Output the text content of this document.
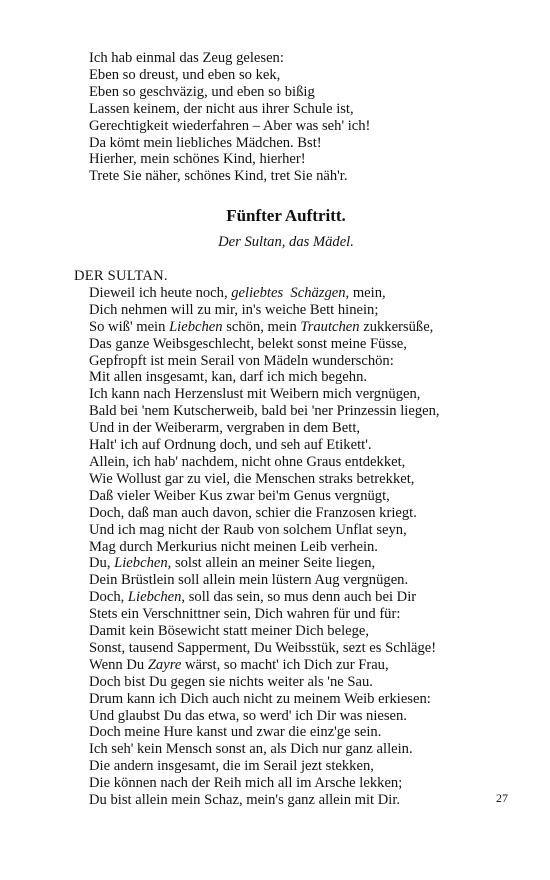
Ich hab einmal das Zeug gelesen:
Eben so dreust, und eben so kek,
Eben so geschväzig, und eben so bißig
Lassen keinem, der nicht aus ihrer Schule ist,
Gerechtigkeit wiederfahren – Aber was seh' ich!
Da kömt mein liebliches Mädchen. Bst!
Hierher, mein schönes Kind, hierher!
Trete Sie näher, schönes Kind, tret Sie näh'r.
Fünfter Auftritt.
Der Sultan, das Mädel.
DER SULTAN.
Dieweil ich heute noch, geliebtes  Schäzgen, mein,
Dich nehmen will zu mir, in's weiche Bett hinein;
So wiß' mein Liebchen schön, mein Trautchen zukkersüße,
Das ganze Weibsgeschlecht, belekt sonst meine Füsse,
Gepfropft ist mein Serail von Mädeln wunderschön:
Mit allen insgesamt, kan, darf ich mich begehn.
Ich kann nach Herzenslust mit Weibern mich vergnügen,
Bald bei 'nem Kutscherweib, bald bei 'ner Prinzessin liegen,
Und in der Weiberarm, vergraben in dem Bett,
Halt' ich auf Ordnung doch, und seh auf Etikett'.
Allein, ich hab' nachdem, nicht ohne Graus entdekket,
Wie Wollust gar zu viel, die Menschen straks betrekket,
Daß vieler Weiber Kus zwar bei'm Genus vergnügt,
Doch, daß man auch davon, schier die Franzosen kriegt.
Und ich mag nicht der Raub von solchem Unflat seyn,
Mag durch Merkurius nicht meinen Leib verhein.
Du, Liebchen, solst allein an meiner Seite liegen,
Dein Brüstlein soll allein mein lüstern Aug vergnügen.
Doch, Liebchen, soll das sein, so mus denn auch bei Dir
Stets ein Verschnittner sein, Dich wahren für und für:
Damit kein Bösewicht statt meiner Dich belege,
Sonst, tausend Sapperment, Du Weibsstük, sezt es Schläge!
Wenn Du Zayre wärst, so macht' ich Dich zur Frau,
Doch bist Du gegen sie nichts weiter als 'ne Sau.
Drum kann ich Dich auch nicht zu meinem Weib erkiesen:
Und glaubst Du das etwa, so werd' ich Dir was niesen.
Doch meine Hure kanst und zwar die einz'ge sein.
Ich seh' kein Mensch sonst an, als Dich nur ganz allein.
Die andern insgesamt, die im Serail jezt stekken,
Die können nach der Reih mich all im Arsche lekken;
Du bist allein mein Schaz, mein's ganz allein mit Dir.	27
